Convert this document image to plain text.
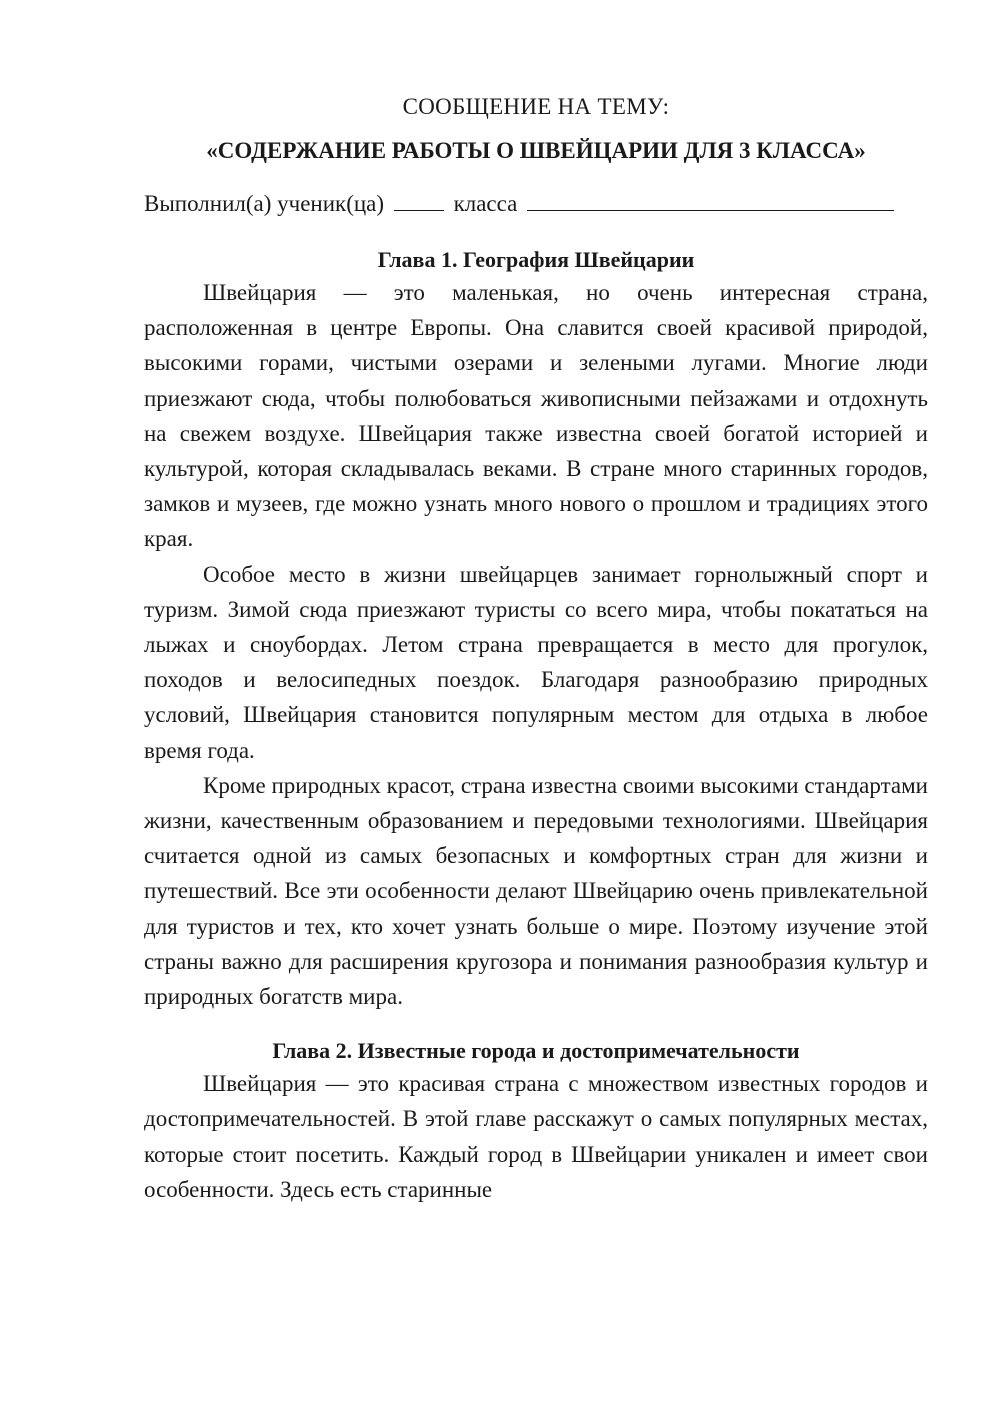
СООБЩЕНИЕ НА ТЕМУ:
«СОДЕРЖАНИЕ РАБОТЫ О ШВЕЙЦАРИИ ДЛЯ 3 КЛАССА»
Выполнил(а) ученик(ца)	класса
Глава 1. География Швейцарии

Швейцария — это маленькая, но очень интересная страна, расположенная в центре Европы. Она славится своей красивой природой, высокими горами, чистыми озерами и зелеными лугами. Многие люди приезжают сюда, чтобы полюбоваться живописными пейзажами и отдохнуть на свежем воздухе. Швейцария также известна своей богатой историей и культурой, которая складывалась веками. В стране много старинных городов, замков и музеев, где можно узнать много нового о прошлом и традициях этого края.

Особое место в жизни швейцарцев занимает горнолыжный спорт и туризм. Зимой сюда приезжают туристы со всего мира, чтобы покататься на лыжах и сноубордах. Летом страна превращается в место для прогулок, походов и велосипедных поездок. Благодаря разнообразию природных условий, Швейцария становится популярным местом для отдыха в любое время года.

Кроме природных красот, страна известна своими высокими стандартами жизни, качественным образованием и передовыми технологиями. Швейцария считается одной из самых безопасных и комфортных стран для жизни и путешествий. Все эти особенности делают Швейцарию очень привлекательной для туристов и тех, кто хочет узнать больше о мире. Поэтому изучение этой страны важно для расширения кругозора и понимания разнообразия культур и природных богатств мира.

Глава 2. Известные города и достопримечательности

Швейцария — это красивая страна с множеством известных городов и достопримечательностей. В этой главе расскажут о самых популярных местах, которые стоит посетить. Каждый город в Швейцарии уникален и имеет свои особенности. Здесь есть старинные
